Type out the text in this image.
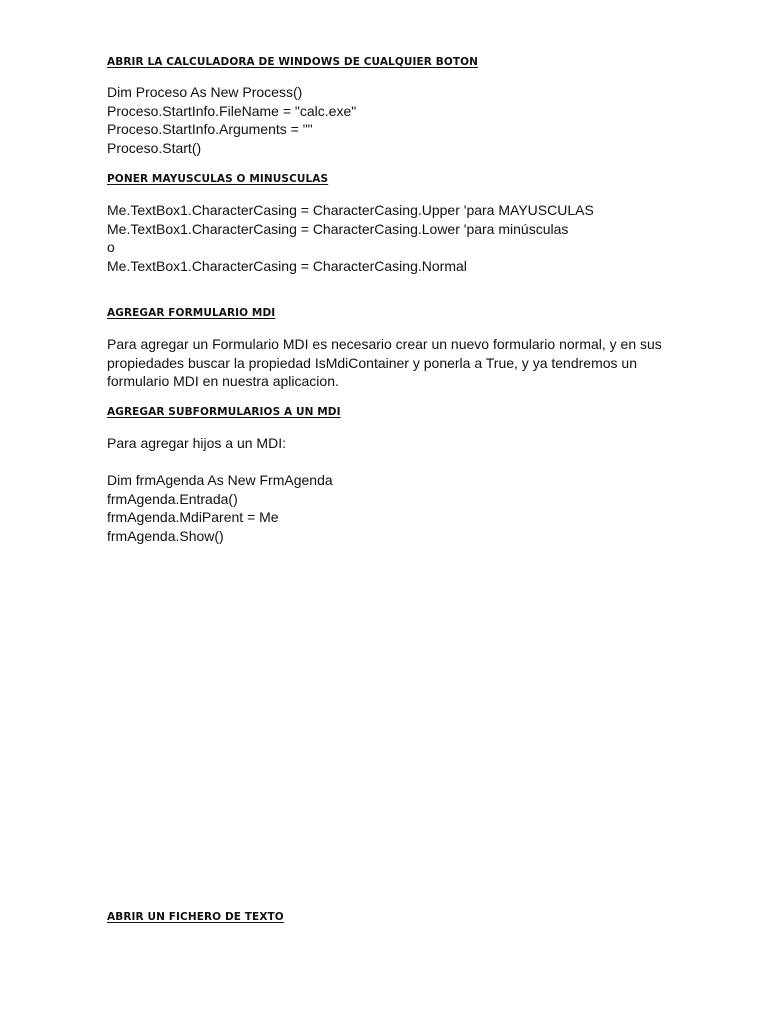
ABRIR LA CALCULADORA DE WINDOWS DE CUALQUIER BOTON

Dim Proceso As New Process()

Proceso.StartInfo.FileName = "calc.exe"

Proceso.StartInfo.Arguments = ""

Proceso.Start()

PONER MAYUSCULAS O MINUSCULAS

Me.TextBox1.CharacterCasing = CharacterCasing.Upper 'para MAYUSCULAS

Me.TextBox1.CharacterCasing = CharacterCasing.Lower 'para minúsculas

o

Me.TextBox1.CharacterCasing = CharacterCasing.Normal

AGREGAR FORMULARIO MDI

Para agregar un Formulario MDI es necesario crear un nuevo formulario normal, y en sus propiedades buscar la propiedad IsMdiContainer y ponerla a True, y ya tendremos un formulario MDI en nuestra aplicacion.

AGREGAR SUBFORMULARIOS A UN MDI

Para agregar hijos a un MDI:

Dim frmAgenda As New FrmAgenda

frmAgenda.Entrada()

frmAgenda.MdiParent = Me

frmAgenda.Show()

ABRIR UN FICHERO DE TEXTO
